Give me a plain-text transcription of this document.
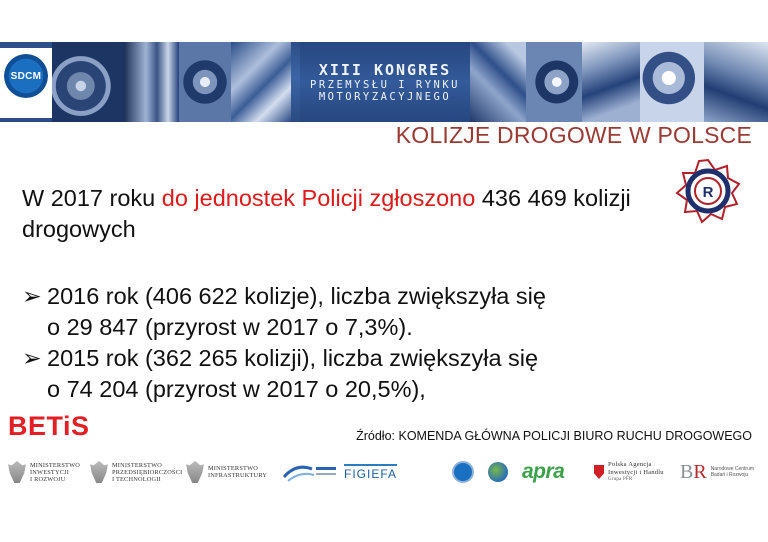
SDCM	XIII KONGRES
PRZEMYSŁU I RYNKU
MOTORYZACYJNEGO
KOLIZJE DROGOWE W POLSCE
R
W 2017 roku do jednostek Policji zgłoszono 436 469 kolizji drogowych
➢ 2016 rok (406 622 kolizje), liczba zwiększyła się
o 29 847 (przyrost w 2017 o 7,3%).
➢ 2015 rok (362 265 kolizji), liczba zwiększyła się
o 74 204 (przyrost w 2017 o 20,5%),
BETiS	Źródło: KOMENDA GŁÓWNA POLICJI BIURO RUCHU DROGOWEGO
MINISTERSTWO
INWESTYCJI
I ROZWOJU
MINISTERSTWO
PRZEDSIĘBIORCZOŚCI
I TECHNOLOGII
MINISTERSTWO
INFRASTRUKTURY	FIGIEFA	apra	Polska Agencja
Inwestycji i Handlu
Grupa PFR	BR Narodowe Centrum
Badań i Rozwoju
